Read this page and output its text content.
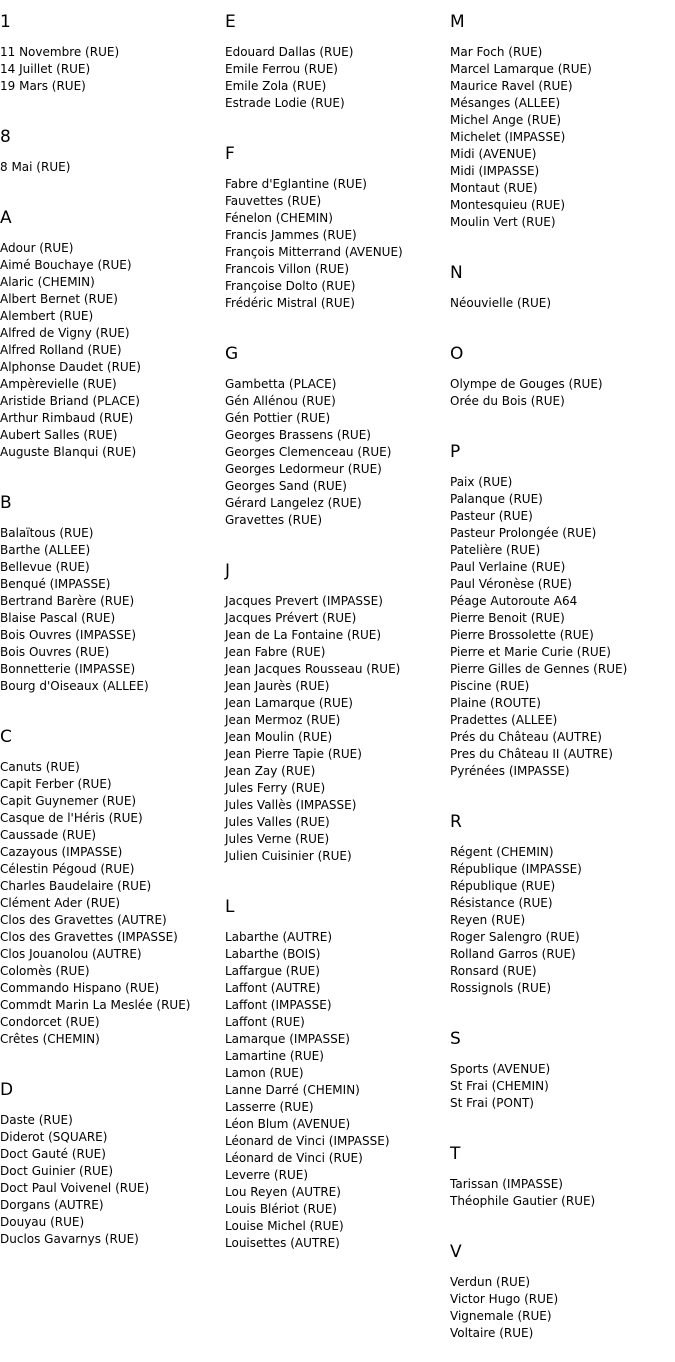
1
11 Novembre (RUE)
14 Juillet (RUE)
19 Mars (RUE)
8
8 Mai (RUE)
A
Adour (RUE)
Aimé Bouchaye (RUE)
Alaric (CHEMIN)
Albert Bernet (RUE)
Alembert (RUE)
Alfred de Vigny (RUE)
Alfred Rolland (RUE)
Alphonse Daudet (RUE)
Ampèrevielle (RUE)
Aristide Briand (PLACE)
Arthur Rimbaud (RUE)
Aubert Salles (RUE)
Auguste Blanqui (RUE)
B
Balaïtous (RUE)
Barthe (ALLEE)
Bellevue (RUE)
Benqué (IMPASSE)
Bertrand Barère (RUE)
Blaise Pascal (RUE)
Bois Ouvres (IMPASSE)
Bois Ouvres (RUE)
Bonnetterie (IMPASSE)
Bourg d'Oiseaux (ALLEE)
C
Canuts (RUE)
Capit Ferber (RUE)
Capit Guynemer (RUE)
Casque de l'Héris (RUE)
Caussade (RUE)
Cazayous (IMPASSE)
Célestin Pégoud (RUE)
Charles Baudelaire (RUE)
Clément Ader (RUE)
Clos des Gravettes (AUTRE)
Clos des Gravettes (IMPASSE)
Clos Jouanolou (AUTRE)
Colomès (RUE)
Commando Hispano (RUE)
Commdt Marin La Meslée (RUE)
Condorcet (RUE)
Crêtes (CHEMIN)
D
Daste (RUE)
Diderot (SQUARE)
Doct Gauté (RUE)
Doct Guinier (RUE)
Doct Paul Voivenel (RUE)
Dorgans (AUTRE)
Douyau (RUE)
Duclos Gavarnys (RUE)
E
Edouard Dallas (RUE)
Emile Ferrou (RUE)
Emile Zola (RUE)
Estrade Lodie (RUE)
F
Fabre d'Eglantine (RUE)
Fauvettes (RUE)
Fénelon (CHEMIN)
Francis Jammes (RUE)
François Mitterrand (AVENUE)
Francois Villon (RUE)
Françoise Dolto (RUE)
Frédéric Mistral (RUE)
G
Gambetta (PLACE)
Gén Allénou (RUE)
Gén Pottier (RUE)
Georges Brassens (RUE)
Georges Clemenceau (RUE)
Georges Ledormeur (RUE)
Georges Sand (RUE)
Gérard Langelez (RUE)
Gravettes (RUE)
J
Jacques Prevert (IMPASSE)
Jacques Prévert (RUE)
Jean de La Fontaine (RUE)
Jean Fabre (RUE)
Jean Jacques Rousseau (RUE)
Jean Jaurès (RUE)
Jean Lamarque (RUE)
Jean Mermoz (RUE)
Jean Moulin (RUE)
Jean Pierre Tapie (RUE)
Jean Zay (RUE)
Jules Ferry (RUE)
Jules Vallès (IMPASSE)
Jules Valles (RUE)
Jules Verne (RUE)
Julien Cuisinier (RUE)
L
Labarthe (AUTRE)
Labarthe (BOIS)
Laffargue (RUE)
Laffont (AUTRE)
Laffont (IMPASSE)
Laffont (RUE)
Lamarque (IMPASSE)
Lamartine (RUE)
Lamon (RUE)
Lanne Darré (CHEMIN)
Lasserre (RUE)
Léon Blum (AVENUE)
Léonard de Vinci (IMPASSE)
Léonard de Vinci (RUE)
Leverre (RUE)
Lou Reyen (AUTRE)
Louis Blériot (RUE)
Louise Michel (RUE)
Louisettes (AUTRE)
M
Mar Foch (RUE)
Marcel Lamarque (RUE)
Maurice Ravel (RUE)
Mésanges (ALLEE)
Michel Ange (RUE)
Michelet (IMPASSE)
Midi (AVENUE)
Midi (IMPASSE)
Montaut (RUE)
Montesquieu (RUE)
Moulin Vert (RUE)
N
Néouvielle (RUE)
O
Olympe de Gouges (RUE)
Orée du Bois (RUE)
P
Paix (RUE)
Palanque (RUE)
Pasteur (RUE)
Pasteur Prolongée (RUE)
Patelière (RUE)
Paul Verlaine (RUE)
Paul Véronèse (RUE)
Péage Autoroute A64
Pierre Benoit (RUE)
Pierre Brossolette (RUE)
Pierre et Marie Curie (RUE)
Pierre Gilles de Gennes (RUE)
Piscine (RUE)
Plaine (ROUTE)
Pradettes (ALLEE)
Prés du Château (AUTRE)
Pres du Château II (AUTRE)
Pyrénées (IMPASSE)
R
Régent (CHEMIN)
République (IMPASSE)
République (RUE)
Résistance (RUE)
Reyen (RUE)
Roger Salengro (RUE)
Rolland Garros (RUE)
Ronsard (RUE)
Rossignols (RUE)
S
Sports (AVENUE)
St Frai (CHEMIN)
St Frai (PONT)
T
Tarissan (IMPASSE)
Théophile Gautier (RUE)
V
Verdun (RUE)
Victor Hugo (RUE)
Vignemale (RUE)
Voltaire (RUE)
